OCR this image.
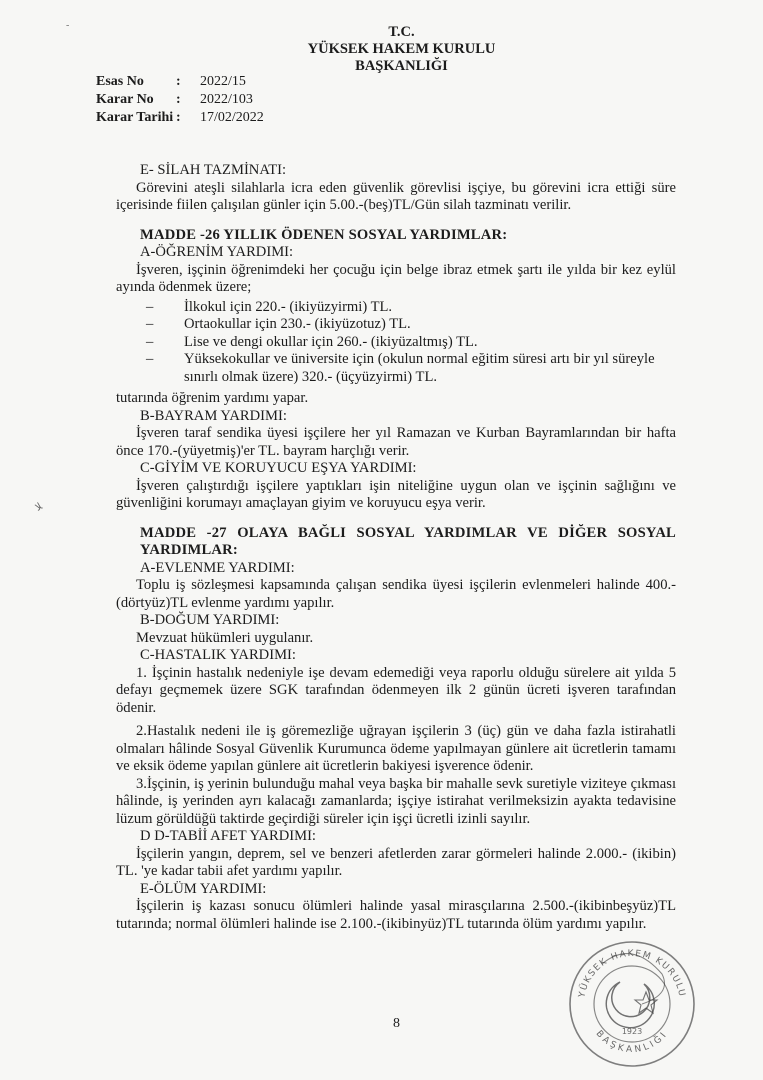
T.C.
YÜKSEK HAKEM KURULU
BAŞKANLIĞI
Esas No	:	2022/15
Karar No	:	2022/103
Karar Tarihi :	17/02/2022
ﻼ
-

E- SİLAH TAZMİNATI:

Görevini ateşli silahlarla icra eden güvenlik görevlisi işçiye, bu görevini icra ettiği süre içerisinde fiilen çalışılan günler için 5.00.-(beş)TL/Gün silah tazminatı verilir.

MADDE -26 YILLIK ÖDENEN SOSYAL YARDIMLAR:

A-ÖĞRENİM YARDIMI:

İşveren, işçinin öğrenimdeki her çocuğu için belge ibraz etmek şartı ile yılda bir kez eylül ayında ödenmek üzere;

– İlkokul için 220.- (ikiyüzyirmi) TL.
– Ortaokullar için 230.- (ikiyüzotuz) TL.
– Lise ve dengi okullar için 260.- (ikiyüzaltmış) TL.
– Yüksekokullar ve üniversite için (okulun normal eğitim süresi artı bir yıl süreyle sınırlı olmak üzere) 320.- (üçyüzyirmi) TL.

tutarında öğrenim yardımı yapar.

B-BAYRAM YARDIMI:

İşveren taraf sendika üyesi işçilere her yıl Ramazan ve Kurban Bayramlarından bir hafta önce 170.-(yüyetmiş)'er TL. bayram harçlığı verir.

C-GİYİM VE KORUYUCU EŞYA YARDIMI:

İşveren çalıştırdığı işçilere yaptıkları işin niteliğine uygun olan ve işçinin sağlığını ve güvenliğini korumayı amaçlayan giyim ve koruyucu eşya verir.

MADDE -27 OLAYA BAĞLI SOSYAL YARDIMLAR VE DİĞER SOSYAL YARDIMLAR:

A-EVLENME YARDIMI:

Toplu iş sözleşmesi kapsamında çalışan sendika üyesi işçilerin evlenmeleri halinde 400.-(dörtyüz)TL evlenme yardımı yapılır.

B-DOĞUM YARDIMI:

Mevzuat hükümleri uygulanır.

C-HASTALIK YARDIMI:

1. İşçinin hastalık nedeniyle işe devam edemediği veya raporlu olduğu sürelere ait yılda 5 defayı geçmemek üzere SGK tarafından ödenmeyen ilk 2 günün ücreti işveren tarafından ödenir.

2.Hastalık nedeni ile iş göremezliğe uğrayan işçilerin 3 (üç) gün ve daha fazla istirahatli olmaları hâlinde Sosyal Güvenlik Kurumunca ödeme yapılmayan günlere ait ücretlerin tamamı ve eksik ödeme yapılan günlere ait ücretlerin bakiyesi işverence ödenir.

3.İşçinin, iş yerinin bulunduğu mahal veya başka bir mahalle sevk suretiyle viziteye çıkması hâlinde, iş yerinden ayrı kalacağı zamanlarda; işçiye istirahat verilmeksizin ayakta tedavisine lüzum görüldüğü taktirde geçirdiği süreler için işçi ücretli izinli sayılır.

D D-TABİİ AFET YARDIMI:

İşçilerin yangın, deprem, sel ve benzeri afetlerden zarar görmeleri halinde 2.000.- (ikibin) TL. 'ye kadar tabii afet yardımı yapılır.

E-ÖLÜM YARDIMI:

İşçilerin iş kazası sonucu ölümleri halinde yasal mirasçılarına 2.500.-(ikibinbeşyüz)TL tutarında; normal ölümleri halinde ise 2.100.-(ikibinyüz)TL tutarında ölüm yardımı yapılır.

YÜKSEK HAKEM KURULU
BAŞKANLIĞI
1923
8
